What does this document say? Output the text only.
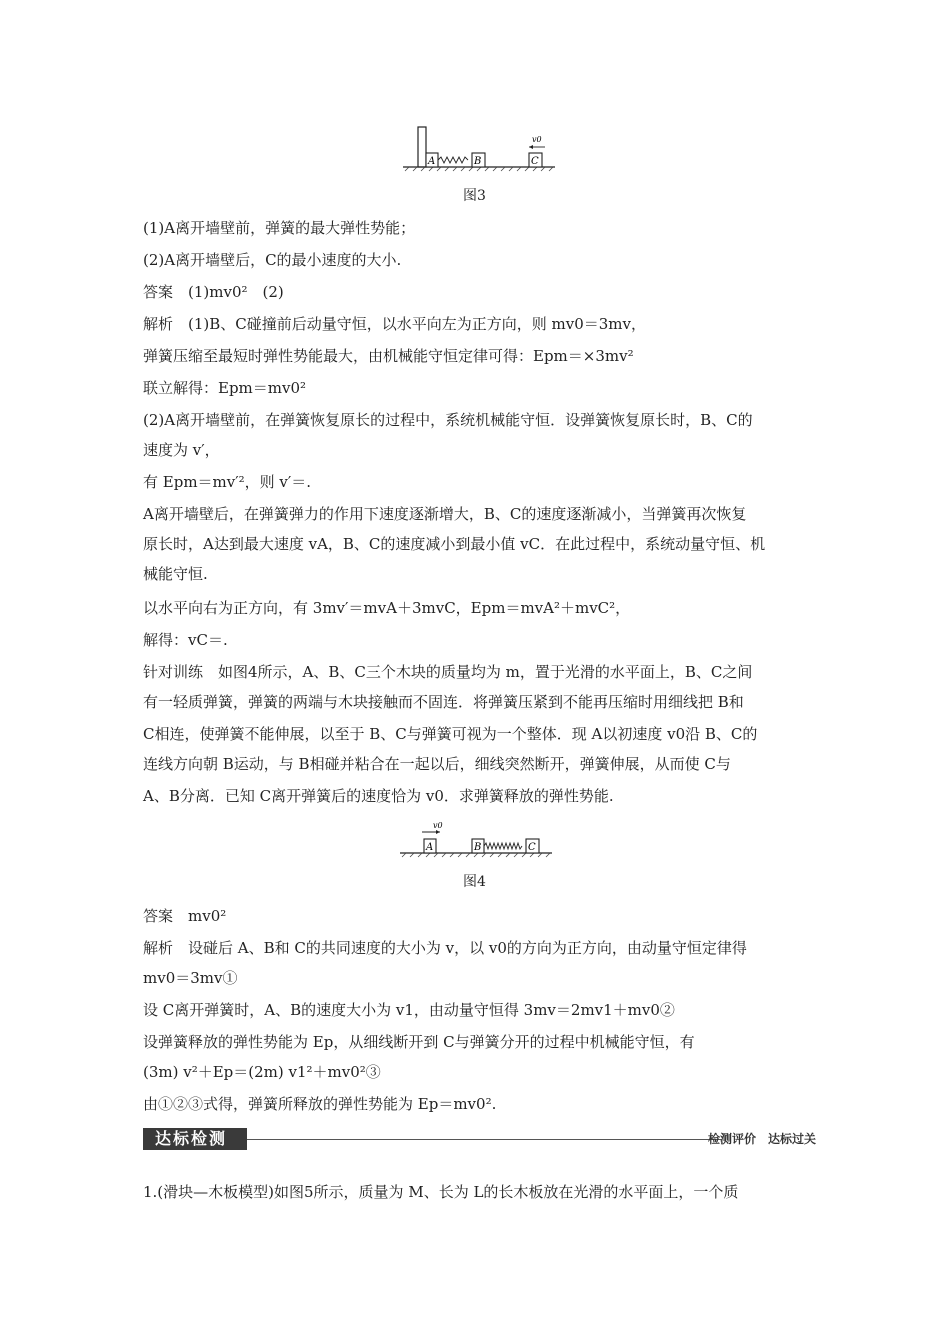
A	B	C
v0
图3
(1)A离开墙壁前，弹簧的最大弹性势能；
(2)A离开墙壁后，C的最小速度的大小.
答案　(1)mv0²　(2)
解析　(1)B、C碰撞前后动量守恒，以水平向左为正方向，则 mv0＝3mv，
弹簧压缩至最短时弹性势能最大，由机械能守恒定律可得：Epm＝×3mv²
联立解得：Epm＝mv0²
(2)A离开墙壁前，在弹簧恢复原长的过程中，系统机械能守恒．设弹簧恢复原长时，B、C的
速度为 v′，
有 Epm＝mv′²，则 v′＝.
A离开墙壁后，在弹簧弹力的作用下速度逐渐增大，B、C的速度逐渐减小，当弹簧再次恢复
原长时，A达到最大速度 vA，B、C的速度减小到最小值 vC．在此过程中，系统动量守恒、机
械能守恒.
以水平向右为正方向，有 3mv′＝mvA＋3mvC，Epm＝mvA²＋mvC²，
解得：vC＝.
针对训练　如图4所示，A、B、C三个木块的质量均为 m，置于光滑的水平面上，B、C之间
有一轻质弹簧，弹簧的两端与木块接触而不固连．将弹簧压紧到不能再压缩时用细线把 B和
C相连，使弹簧不能伸展，以至于 B、C与弹簧可视为一个整体．现 A以初速度 v0沿 B、C的
连线方向朝 B运动，与 B相碰并粘合在一起以后，细线突然断开，弹簧伸展，从而使 C与
A、B分离．已知 C离开弹簧后的速度恰为 v0．求弹簧释放的弹性势能.
A
v0
B	C
图4
答案　mv0²
解析　设碰后 A、B和 C的共同速度的大小为 v，以 v0的方向为正方向，由动量守恒定律得
mv0＝3mv①
设 C离开弹簧时，A、B的速度大小为 v1，由动量守恒得 3mv＝2mv1＋mv0②
设弹簧释放的弹性势能为 Ep，从细线断开到 C与弹簧分开的过程中机械能守恒，有
(3m) v²＋Ep＝(2m) v1²＋mv0²③
由①②③式得，弹簧所释放的弹性势能为 Ep＝mv0².
达标检测	检测评价　达标过关
1.(滑块—木板模型)如图5所示，质量为 M、长为 L的长木板放在光滑的水平面上，一个质
